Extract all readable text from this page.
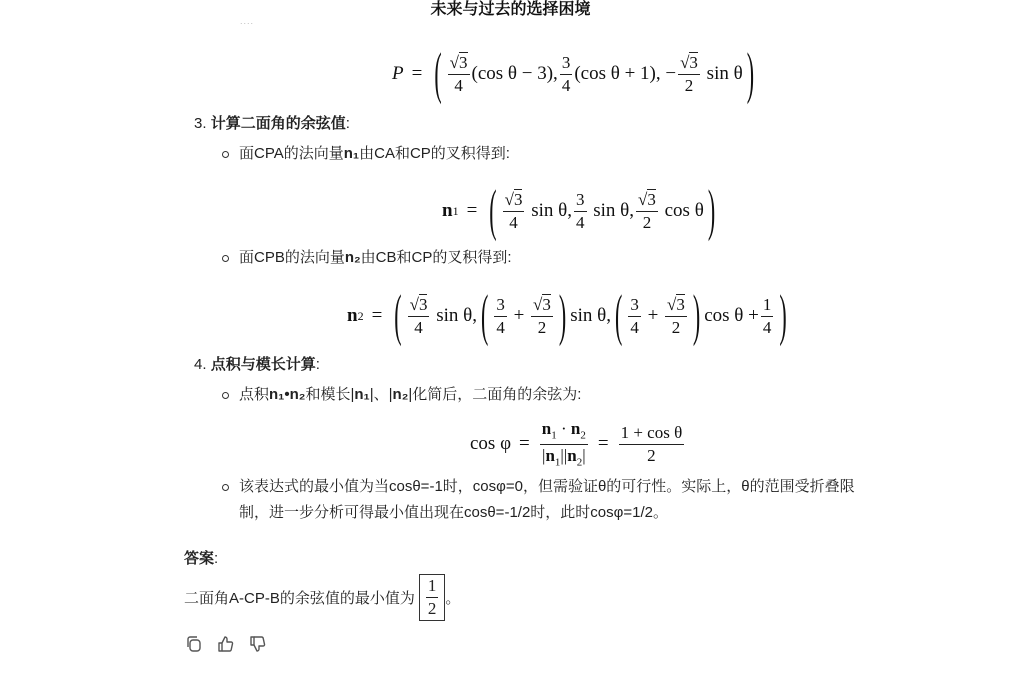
未来与过去的选择困境
....
P = ( $\frac{√3}{4} (\cos$ θ − 3), $\frac{3}{4} (\cos$ θ + 1), − $\frac{√3}{2}$ sin θ )
3. 计算二面角的余弦值:
面CPA的法向量n₁由CA和CP的叉积得到:
n 1 = ( $\frac{√3}{4}$ sin θ, $\frac{3}{4}$ sin θ, $\frac{√3}{2}$ cos θ )
面CPB的法向量n₂由CB和CP的叉积得到:
n 2 = ( $\frac{√3}{4}$ sin θ, ( $\frac{3}{4} + \frac{√3}{2}$ ) sin θ, ( $\frac{3}{4} + \frac{√3}{2}$ ) $\cos \theta + \frac{1}{4}$ )
4. 点积与模长计算:
点积n₁•n₂和模长|n₁|、|n₂|化简后，二面角的余弦为:
$\cos \varphi = \frac{n_1 \cdot n_2}{|n_1||n_2|} = \frac{\text{1 + cos θ}}{2}$
该表达式的最小值为当cosθ=-1时，cosφ=0，但需验证θ的可行性。实际上，θ的范围受折叠限
制，进一步分析可得最小值出现在cosθ=-1/2时，此时cosφ=1/2。
答案:
二面角A-CP-B的余弦值的最小值为 $\frac{1}{2}$ 。
